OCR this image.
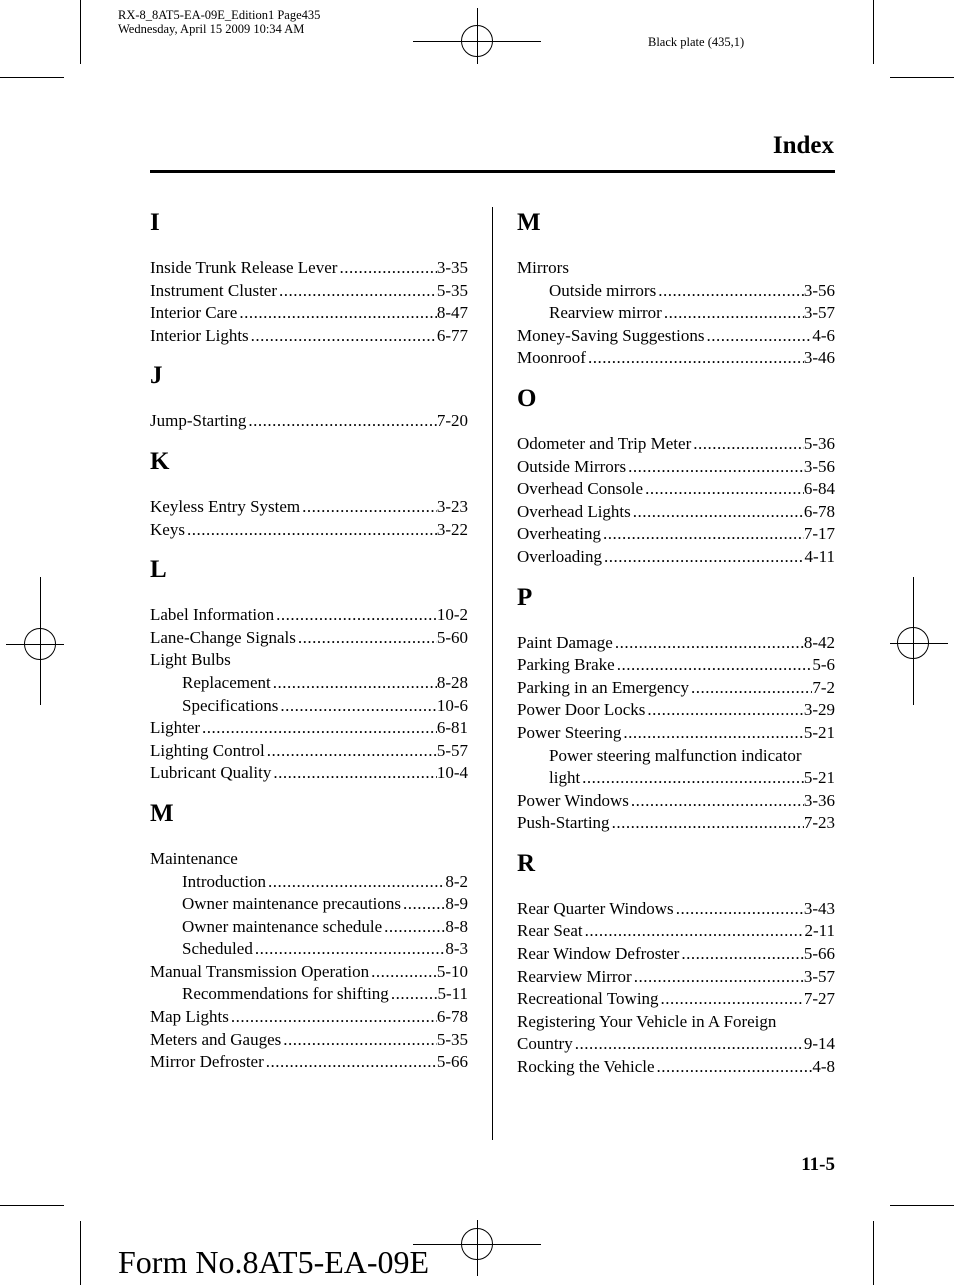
RX-8_8AT5-EA-09E_Edition1 Page435
Wednesday, April 15 2009 10:34 AM
Black plate (435,1)
Index
I
Inside Trunk Release Lever .....	3-35
Instrument Cluster .....	5-35
Interior Care .....	8-47
Interior Lights .....	6-77
J
Jump-Starting .....	7-20
K
Keyless Entry System .....	3-23
Keys .....	3-22
L
Label Information .....	10-2
Lane-Change Signals .....	5-60
Light Bulbs
Replacement .....	8-28
Specifications .....	10-6
Lighter .....	6-81
Lighting Control .....	5-57
Lubricant Quality .....	10-4
M
Maintenance
Introduction .....	8-2
Owner maintenance precautions .....	8-9
Owner maintenance schedule .....	8-8
Scheduled .....	8-3
Manual Transmission Operation .....	5-10
Recommendations for shifting .....	5-11
Map Lights .....	6-78
Meters and Gauges .....	5-35
Mirror Defroster .....	5-66
M
Mirrors
Outside mirrors .....	3-56
Rearview mirror .....	3-57
Money-Saving Suggestions .....	4-6
Moonroof .....	3-46
O
Odometer and Trip Meter .....	5-36
Outside Mirrors .....	3-56
Overhead Console .....	6-84
Overhead Lights .....	6-78
Overheating .....	7-17
Overloading .....	4-11
P
Paint Damage .....	8-42
Parking Brake .....	5-6
Parking in an Emergency .....	7-2
Power Door Locks .....	3-29
Power Steering .....	5-21
Power steering malfunction indicator
light .....	5-21
Power Windows .....	3-36
Push-Starting .....	7-23
R
Rear Quarter Windows .....	3-43
Rear Seat .....	2-11
Rear Window Defroster .....	5-66
Rearview Mirror .....	3-57
Recreational Towing .....	7-27
Registering Your Vehicle in A Foreign
Country .....	9-14
Rocking the Vehicle .....	4-8
11-5
Form No.8AT5-EA-09E
